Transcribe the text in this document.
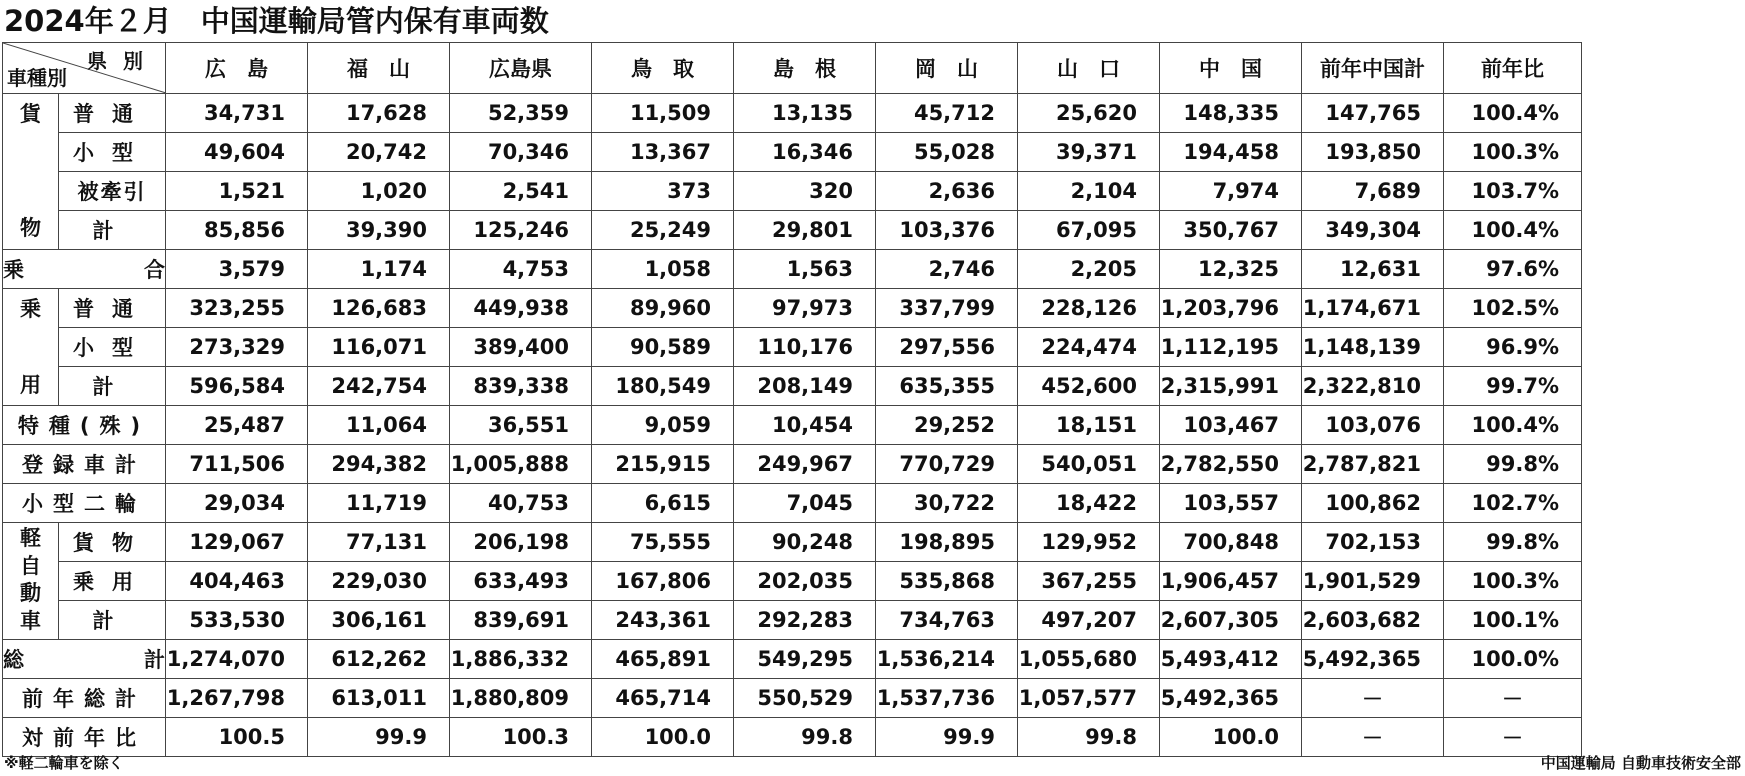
2024年２月　中国運輸局管内保有車両数
県別
車種別		広　島	福　山	広島県	鳥　取	島　根	岡　山	山　口	中　国	前年中国計	前年比

貨
物	普通	34,731	17,628	52,359	11,509	13,135	45,712	25,620	148,335	147,765	100.4%
	小型	49,604	20,742	70,346	13,367	16,346	55,028	39,371	194,458	193,850	100.3%
	被牽引	1,521	1,020	2,541	373	320	2,636	2,104	7,974	7,689	103.7%
	計	85,856	39,390	125,246	25,249	29,801	103,376	67,095	350,767	349,304	100.4%

乗 合		3,579	1,174	4,753	1,058	1,563	2,746	2,205	12,325	12,631	97.6%

乗
用	普通	323,255	126,683	449,938	89,960	97,973	337,799	228,126	1,203,796	1,174,671	102.5%
	小型	273,329	116,071	389,400	90,589	110,176	297,556	224,474	1,112,195	1,148,139	96.9%
	計	596,584	242,754	839,338	180,549	208,149	635,355	452,600	2,315,991	2,322,810	99.7%
特種(殊)		25,487	11,064	36,551	9,059	10,454	29,252	18,151	103,467	103,076	100.4%
登録車計		711,506	294,382	1,005,888	215,915	249,967	770,729	540,051	2,782,550	2,787,821	99.8%
小型二輪		29,034	11,719	40,753	6,615	7,045	30,722	18,422	103,557	100,862	102.7%

軽
自
動
車	貨物	129,067	77,131	206,198	75,555	90,248	198,895	129,952	700,848	702,153	99.8%
	乗用	404,463	229,030	633,493	167,806	202,035	535,868	367,255	1,906,457	1,901,529	100.3%
	計	533,530	306,161	839,691	243,361	292,283	734,763	497,207	2,607,305	2,603,682	100.1%

総 計		1,274,070	612,262	1,886,332	465,891	549,295	1,536,214	1,055,680	5,493,412	5,492,365	100.0%
前年総計		1,267,798	613,011	1,880,809	465,714	550,529	1,537,736	1,057,577	5,492,365	－	－
対前年比		100.5	99.9	100.3	100.0	99.8	99.9	99.8	100.0	－	－
※軽二輪車を除く	中国運輸局 自動車技術安全部
